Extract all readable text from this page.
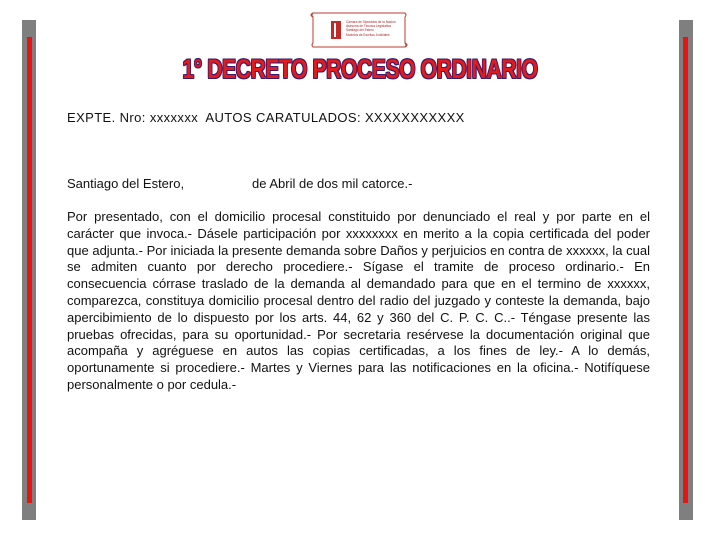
Cámara de Diputados de la Nación
Asesoría de Técnica Legislativa
Santiago del Estero
Modelos de Escritos Judiciales
1° DECRETO PROCESO ORDINARIO
EXPTE. Nro: xxxxxxx  AUTOS CARATULADOS: XXXXXXXXXXX
Santiago del Estero,	de Abril de dos mil catorce.-
Por presentado, con el domicilio procesal constituido por denunciado el real y por parte en el carácter que invoca.- Dásele participación por xxxxxxxx en merito a la copia certificada del poder que adjunta.- Por iniciada la presente demanda sobre Daños y perjuicios en contra de xxxxxx, la cual se admiten cuanto por derecho procediere.- Sígase el tramite de proceso ordinario.- En consecuencia córrase traslado de la demanda al demandado para que en el termino de xxxxxx, comparezca, constituya domicilio procesal dentro del radio del juzgado y conteste la demanda, bajo apercibimiento de lo dispuesto por los arts. 44, 62 y 360 del C. P. C. C..- Téngase presente las pruebas ofrecidas, para su oportunidad.- Por secretaria resérvese la documentación original que acompaña y agréguese en autos las copias certificadas, a los fines de ley.- A lo demás, oportunamente si procediere.- Martes y Viernes para las notificaciones en la oficina.- Notifíquese personalmente o por cedula.-
